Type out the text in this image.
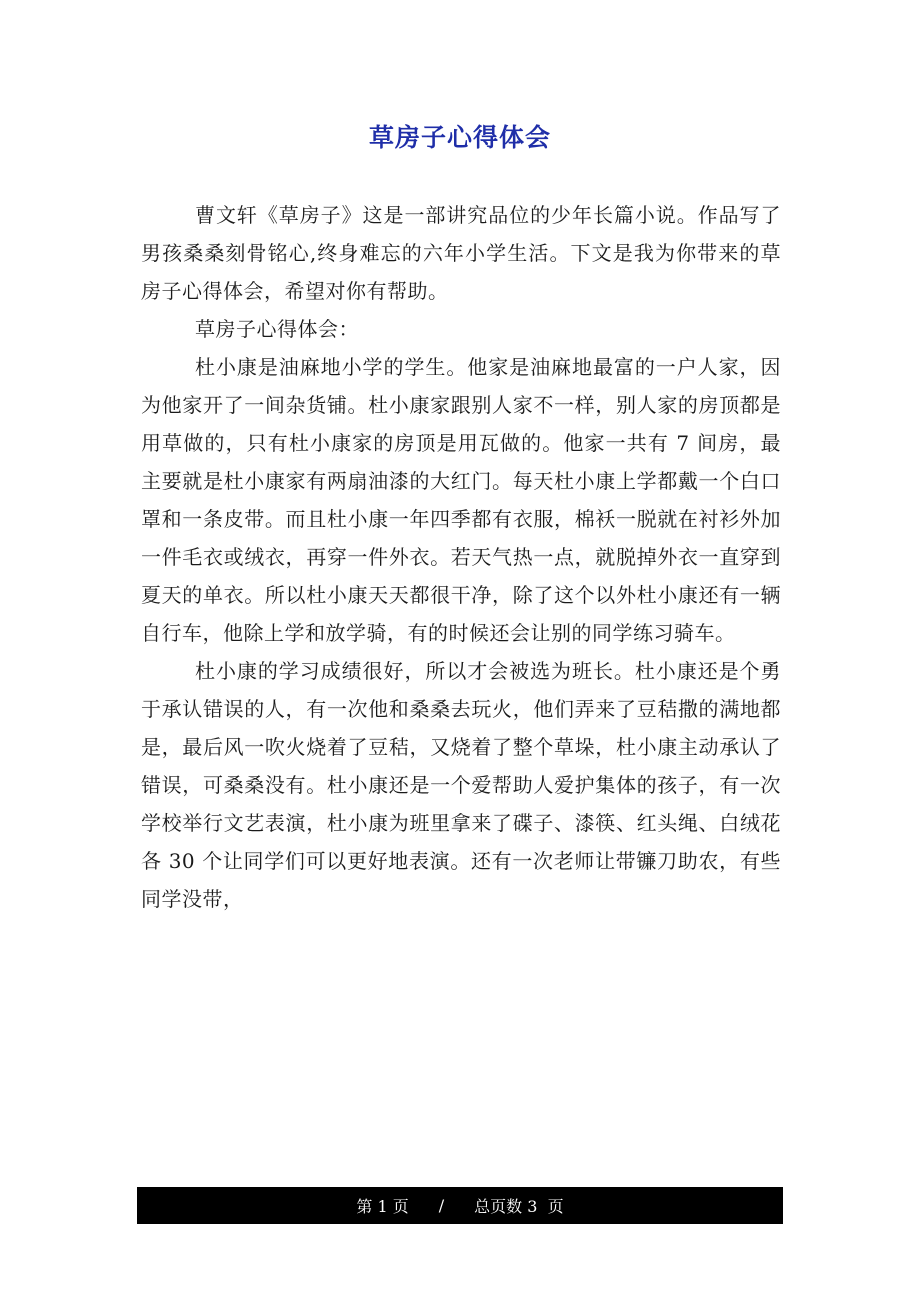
草房子心得体会

曹文轩《草房子》这是一部讲究品位的少年长篇小说。作品写了男孩桑桑刻骨铭心,终身难忘的六年小学生活。下文是我为你带来的草房子心得体会，希望对你有帮助。

草房子心得体会：

杜小康是油麻地小学的学生。他家是油麻地最富的一户人家，因为他家开了一间杂货铺。杜小康家跟别人家不一样，别人家的房顶都是用草做的，只有杜小康家的房顶是用瓦做的。他家一共有 7 间房，最主要就是杜小康家有两扇油漆的大红门。每天杜小康上学都戴一个白口罩和一条皮带。而且杜小康一年四季都有衣服，棉袄一脱就在衬衫外加一件毛衣或绒衣，再穿一件外衣。若天气热一点，就脱掉外衣一直穿到夏天的单衣。所以杜小康天天都很干净，除了这个以外杜小康还有一辆自行车，他除上学和放学骑，有的时候还会让别的同学练习骑车。

杜小康的学习成绩很好，所以才会被选为班长。杜小康还是个勇于承认错误的人，有一次他和桑桑去玩火，他们弄来了豆秸撒的满地都是，最后风一吹火烧着了豆秸，又烧着了整个草垛，杜小康主动承认了错误，可桑桑没有。杜小康还是一个爱帮助人爱护集体的孩子，有一次学校举行文艺表演，杜小康为班里拿来了碟子、漆筷、红头绳、白绒花各 30 个让同学们可以更好地表演。还有一次老师让带镰刀助农，有些同学没带，

第 1 页 / 总页数 3  页
